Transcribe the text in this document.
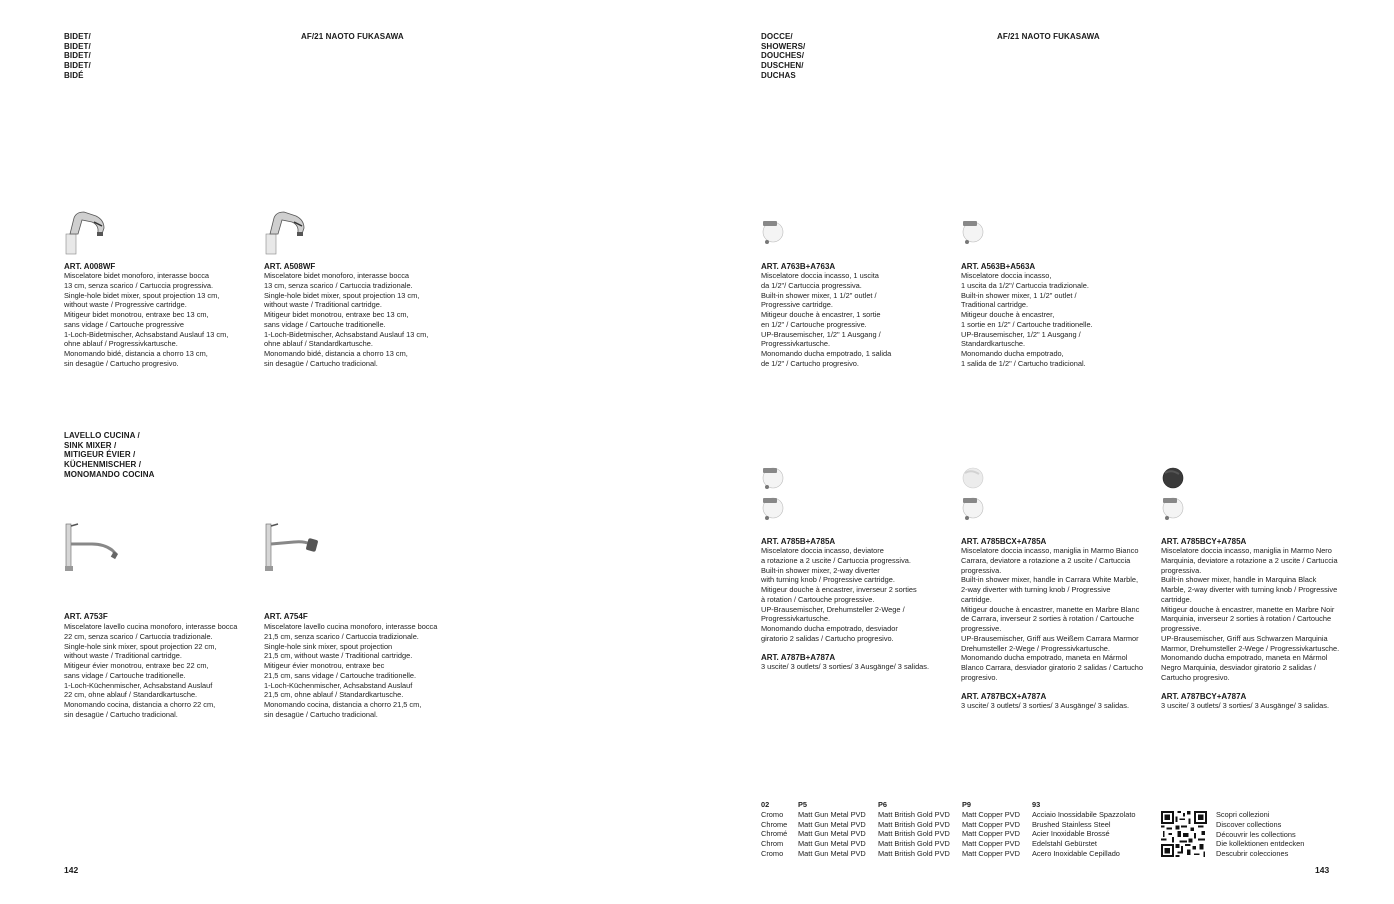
BIDET/
BIDET/
BIDET/
BIDET/
BIDÉ
AF/21 NAOTO FUKASAWA
ART. A008WF
Miscelatore bidet monoforo, interasse bocca
13 cm, senza scarico / Cartuccia progressiva.
Single-hole bidet mixer, spout projection 13 cm,
without waste / Progressive cartridge.
Mitigeur bidet monotrou, entraxe bec 13 cm,
sans vidage / Cartouche progressive
1-Loch-Bidetmischer, Achsabstand Auslauf 13 cm,
ohne ablauf / Progressivkartusche.
Monomando bidé, distancia a chorro 13 cm,
sin desagüe / Cartucho progresivo.
ART. A508WF
Miscelatore bidet monoforo, interasse bocca
13 cm, senza scarico / Cartuccia tradizionale.
Single-hole bidet mixer, spout projection 13 cm,
without waste / Traditional cartridge.
Mitigeur bidet monotrou, entraxe bec 13 cm,
sans vidage / Cartouche traditionelle.
1-Loch-Bidetmischer, Achsabstand Auslauf 13 cm,
ohne ablauf / Standardkartusche.
Monomando bidé, distancia a chorro 13 cm,
sin desagüe / Cartucho tradicional.
LAVELLO CUCINA /
SINK MIXER /
MITIGEUR ÉVIER /
KÜCHENMISCHER /
MONOMANDO COCINA
ART. A753F
Miscelatore lavello cucina monoforo, interasse bocca
22 cm, senza scarico / Cartuccia tradizionale.
Single-hole sink mixer, spout projection 22 cm,
without waste / Traditional cartridge.
Mitigeur évier monotrou, entraxe bec 22 cm,
sans vidage / Cartouche traditionelle.
1-Loch-Küchenmischer, Achsabstand Auslauf
22 cm, ohne ablauf / Standardkartusche.
Monomando cocina, distancia a chorro 22 cm,
sin desagüe / Cartucho tradicional.
ART. A754F
Miscelatore lavello cucina monoforo, interasse bocca
21,5 cm, senza scarico / Cartuccia tradizionale.
Single-hole sink mixer, spout projection
21,5 cm, without waste / Traditional cartridge.
Mitigeur évier monotrou, entraxe bec
21,5 cm, sans vidage / Cartouche traditionelle.
1-Loch-Küchenmischer, Achsabstand Auslauf
21,5 cm, ohne ablauf / Standardkartusche.
Monomando cocina, distancia a chorro 21,5 cm,
sin desagüe / Cartucho tradicional.
142
DOCCE/
SHOWERS/
DOUCHES/
DUSCHEN/
DUCHAS
AF/21 NAOTO FUKASAWA
ART. A763B+A763A
Miscelatore doccia incasso, 1 uscita
da 1/2"/ Cartuccia progressiva.
Built-in shower mixer, 1 1/2" outlet /
Progressive cartridge.
Mitigeur douche à encastrer, 1 sortie
en 1/2" / Cartouche progressive.
UP-Brausemischer, 1/2" 1 Ausgang /
Progressivkartusche.
Monomando ducha empotrado, 1 salida
de 1/2" / Cartucho progresivo.
ART. A563B+A563A
Miscelatore doccia incasso,
1 uscita da 1/2"/ Cartuccia tradizionale.
Built-in shower mixer, 1 1/2" outlet /
Traditional cartridge.
Mitigeur douche à encastrer,
1 sortie en 1/2" / Cartouche traditionelle.
UP-Brausemischer, 1/2" 1 Ausgang /
Standardkartusche.
Monomando ducha empotrado,
1 salida de 1/2" / Cartucho tradicional.
ART. A785B+A785A
Miscelatore doccia incasso, deviatore
a rotazione a 2 uscite / Cartuccia progressiva.
Built-in shower mixer, 2-way diverter
with turning knob / Progressive cartridge.
Mitigeur douche à encastrer, inverseur 2 sorties
à rotation / Cartouche progressive.
UP-Brausemischer, Drehumsteller 2-Wege /
Progressivkartusche.
Monomando ducha empotrado, desviador
giratorio 2 salidas / Cartucho progresivo.
ART. A787B+A787A
3 uscite/ 3 outlets/ 3 sorties/ 3 Ausgänge/ 3 salidas.
ART. A785BCX+A785A
Miscelatore doccia incasso, maniglia in Marmo Bianco
Carrara, deviatore a rotazione a 2 uscite / Cartuccia
progressiva.
Built-in shower mixer, handle in Carrara White Marble,
2-way diverter with turning knob / Progressive
cartridge.
Mitigeur douche à encastrer, manette en Marbre Blanc
de Carrara, inverseur 2 sorties à rotation / Cartouche
progressive.
UP-Brausemischer, Griff aus Weißem Carrara Marmor
Drehumsteller 2-Wege / Progressivkartusche.
Monomando ducha empotrado, maneta en Mármol
Blanco Carrara, desviador giratorio 2 salidas / Cartucho
progresivo.
ART. A787BCX+A787A
3 uscite/ 3 outlets/ 3 sorties/ 3 Ausgänge/ 3 salidas.
ART. A785BCY+A785A
Miscelatore doccia incasso, maniglia in Marmo Nero
Marquinia, deviatore a rotazione a 2 uscite / Cartuccia
progressiva.
Built-in shower mixer, handle in Marquina Black
Marble, 2-way diverter with turning knob / Progressive
cartridge.
Mitigeur douche à encastrer, manette en Marbre Noir
Marquinia, inverseur 2 sorties à rotation / Cartouche
progressive.
UP-Brausemischer, Griff aus Schwarzen Marquinia
Marmor, Drehumsteller 2-Wege / Progressivkartusche.
Monomando ducha empotrado, maneta en Mármol
Negro Marquinia, desviador giratorio 2 salidas /
Cartucho progresivo.
ART. A787BCY+A787A
3 uscite/ 3 outlets/ 3 sorties/ 3 Ausgänge/ 3 salidas.
02
Cromo
Chrome
Chromé
Chrom
Cromo
P5
Matt Gun Metal PVD
Matt Gun Metal PVD
Matt Gun Metal PVD
Matt Gun Metal PVD
Matt Gun Metal PVD
P6
Matt British Gold PVD
Matt British Gold PVD
Matt British Gold PVD
Matt British Gold PVD
Matt British Gold PVD
P9
Matt Copper PVD
Matt Copper PVD
Matt Copper PVD
Matt Copper PVD
Matt Copper PVD
93
Acciaio Inossidabile Spazzolato
Brushed Stainless Steel
Acier Inoxidable Brossé
Edelstahl Gebürstet
Acero Inoxidable Cepillado
Scopri collezioni
Discover collections
Découvrir les collections
Die kollektionen entdecken
Descubrir colecciones
143
